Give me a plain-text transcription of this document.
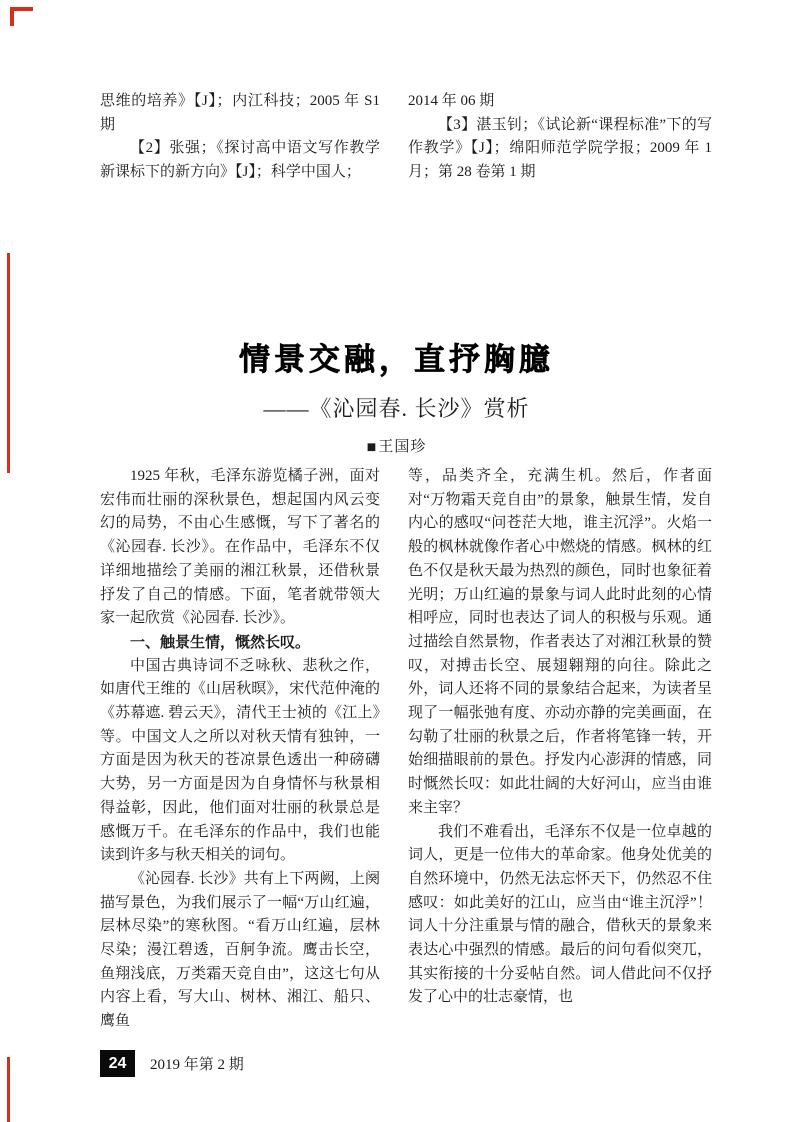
思维的培养》【J】；内江科技；2005 年 S1 期

【2】张强；《探讨高中语文写作教学新课标下的新方向》【J】；科学中国人；

2014 年 06 期

【3】湛玉钊；《试论新“课程标准”下的写作教学》【J】；绵阳师范学院学报；2009 年 1 月；第 28 卷第 1 期

情景交融，直抒胸臆
——《沁园春. 长沙》赏析
■王国珍

1925 年秋，毛泽东游览橘子洲，面对宏伟而壮丽的深秋景色，想起国内风云变幻的局势，不由心生感慨，写下了著名的《沁园春. 长沙》。在作品中，毛泽东不仅详细地描绘了美丽的湘江秋景，还借秋景抒发了自己的情感。下面，笔者就带领大家一起欣赏《沁园春. 长沙》。

一、触景生情，慨然长叹。

中国古典诗词不乏咏秋、悲秋之作，如唐代王维的《山居秋暝》，宋代范仲淹的《苏幕遮. 碧云天》，清代王士祯的《江上》等。中国文人之所以对秋天情有独钟，一方面是因为秋天的苍凉景色透出一种磅礴大势，另一方面是因为自身情怀与秋景相得益彰，因此，他们面对壮丽的秋景总是感慨万千。在毛泽东的作品中，我们也能读到许多与秋天相关的词句。

《沁园春. 长沙》共有上下两阙，上阕描写景色，为我们展示了一幅“万山红遍，层林尽染”的寒秋图。“看万山红遍，层林尽染；漫江碧透，百舸争流。鹰击长空，鱼翔浅底，万类霜天竞自由”，这这七句从内容上看，写大山、树林、湘江、船只、鹰鱼

等，品类齐全，充满生机。然后，作者面对“万物霜天竞自由”的景象，触景生情，发自内心的感叹“问苍茫大地，谁主沉浮”。火焰一般的枫林就像作者心中燃烧的情感。枫林的红色不仅是秋天最为热烈的颜色，同时也象征着光明；万山红遍的景象与词人此时此刻的心情相呼应，同时也表达了词人的积极与乐观。通过描绘自然景物，作者表达了对湘江秋景的赞叹，对搏击长空、展翅翱翔的向往。除此之外，词人还将不同的景象结合起来，为读者呈现了一幅张弛有度、亦动亦静的完美画面，在勾勒了壮丽的秋景之后，作者将笔锋一转，开始细描眼前的景色。抒发内心澎湃的情感，同时慨然长叹：如此壮阔的大好河山，应当由谁来主宰？

我们不难看出，毛泽东不仅是一位卓越的词人，更是一位伟大的革命家。他身处优美的自然环境中，仍然无法忘怀天下，仍然忍不住感叹：如此美好的江山，应当由“谁主沉浮”！词人十分注重景与情的融合，借秋天的景象来表达心中强烈的情感。最后的问句看似突兀，其实衔接的十分妥帖自然。词人借此问不仅抒发了心中的壮志豪情，也

24	2019 年第 2 期
